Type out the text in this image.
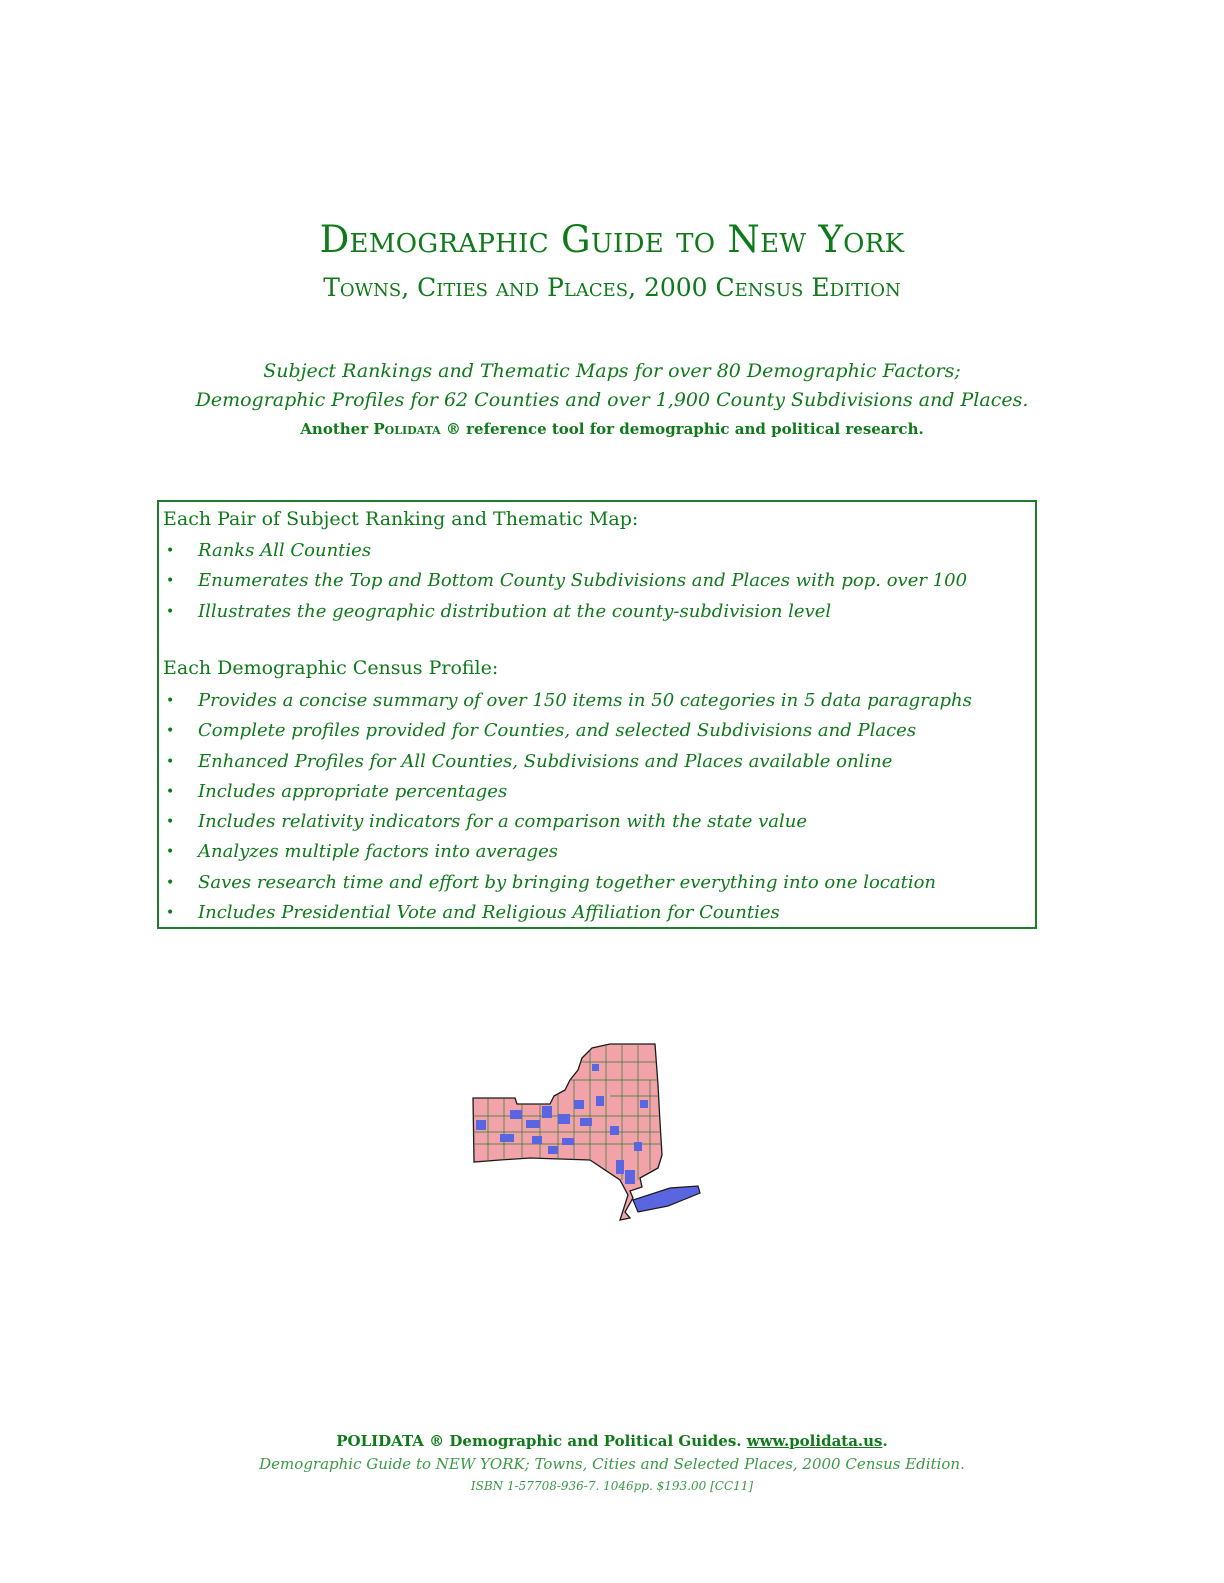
Demographic Guide to New York
Towns, Cities and Places, 2000 Census Edition
Subject Rankings and Thematic Maps for over 80 Demographic Factors;
Demographic Profiles for 62 Counties and over 1,900 County Subdivisions and Places.
Another Polidata ® reference tool for demographic and political research.
Each Pair of Subject Ranking and Thematic Map:
• Ranks All Counties
• Enumerates the Top and Bottom County Subdivisions and Places with pop. over 100
• Illustrates the geographic distribution at the county-subdivision level
Each Demographic Census Profile:
• Provides a concise summary of over 150 items in 50 categories in 5 data paragraphs
• Complete profiles provided for Counties, and selected Subdivisions and Places
• Enhanced Profiles for All Counties, Subdivisions and Places available online
• Includes appropriate percentages
• Includes relativity indicators for a comparison with the state value
• Analyzes multiple factors into averages
• Saves research time and effort by bringing together everything into one location
• Includes Presidential Vote and Religious Affiliation for Counties
POLIDATA ® Demographic and Political Guides. www.polidata.us.
Demographic Guide to NEW YORK; Towns, Cities and Selected Places, 2000 Census Edition.
ISBN 1-57708-936-7. 1046pp. $193.00 [CC11]
